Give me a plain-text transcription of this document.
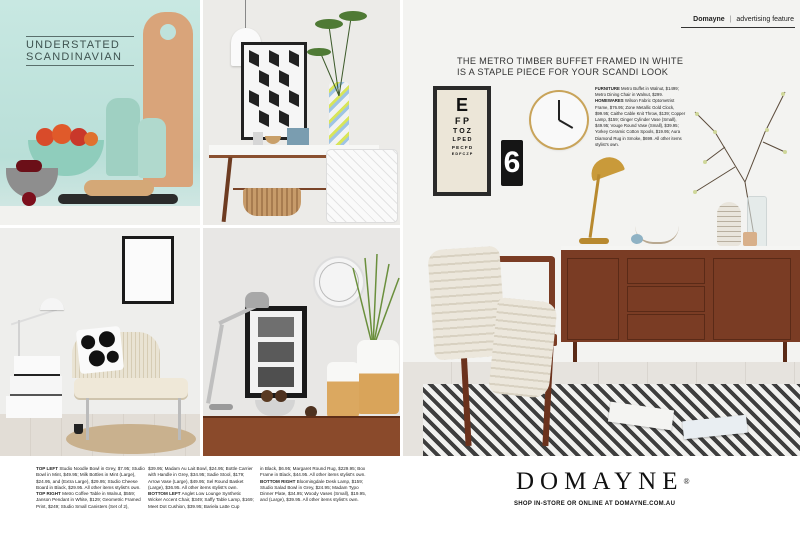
UNDERSTATED
SCANDINAVIAN
Domayne | advertising feature
THE METRO TIMBER BUFFET FRAMED IN WHITE
IS A STAPLE PIECE FOR YOUR SCANDI LOOK
E
F P
T O Z
L P E D
P E C F D
E D F C Z P	6

FURNITURE Metro Buffet in Walnut, $1499; Metro Dining Chair in Walnut, $299.

HOMEWARES Wilson Fabric Optometrist Frame, $76.95; Zone Metallic Gold Clock, $99.95; Caithe Cable Knit Throw, $139; Copper Lamp, $159; Ginger Cylinder Vase (Small), $49.95; Vouge Round Vase (Small), $39.95; Yorkey Ceramic Cotton Spools, $19.95; Aura Diamond Rug in Smoke, $699. All other items stylist's own.

TOP LEFT Studio Noodle Bowl in Grey, $7.95; Studio Bowl in Mint, $49.95; Milk Bottles in Mint (Large), $24.95, and (Extra Large), $29.95; Studio Cheese Board in Black, $29.95. All other items stylist's own.
TOP RIGHT Metro Coffee Table in Walnut, $559; Janson Pendant in White, $129; Geometric Framed Print, $249; Studio Small Canisters (Set of 2),
$39.95; Madam Au Lait Bowl, $24.95; Bottle Carrier with Handle in Grey, $34.95; Sadie Stool, $179; Arrow Vase (Large), $49.95; Sel Round Basket (Large), $36.95. All other items stylist's own.
BOTTOM LEFT Anglet Low Lounge Synthetic Wicker Accent Chair, $349; Saffy Table Lamp, $169; Meet Dot Cushion, $39.95; Bariela Latte Cup
in Black, $6.95; Margaret Round Rug, $229.95; Box Frame in Black, $44.95. All other items stylist's own. BOTTOM RIGHT Bloomingdale Desk Lamp, $159; Studio Salad Bowl in Grey, $24.95; Madam Typo Dinner Plate, $34.95; Woody Vases (Small), $19.95, and (Large), $39.95. All other items stylist's own.
DOMAYNE®
SHOP IN-STORE OR ONLINE AT DOMAYNE.COM.AU
